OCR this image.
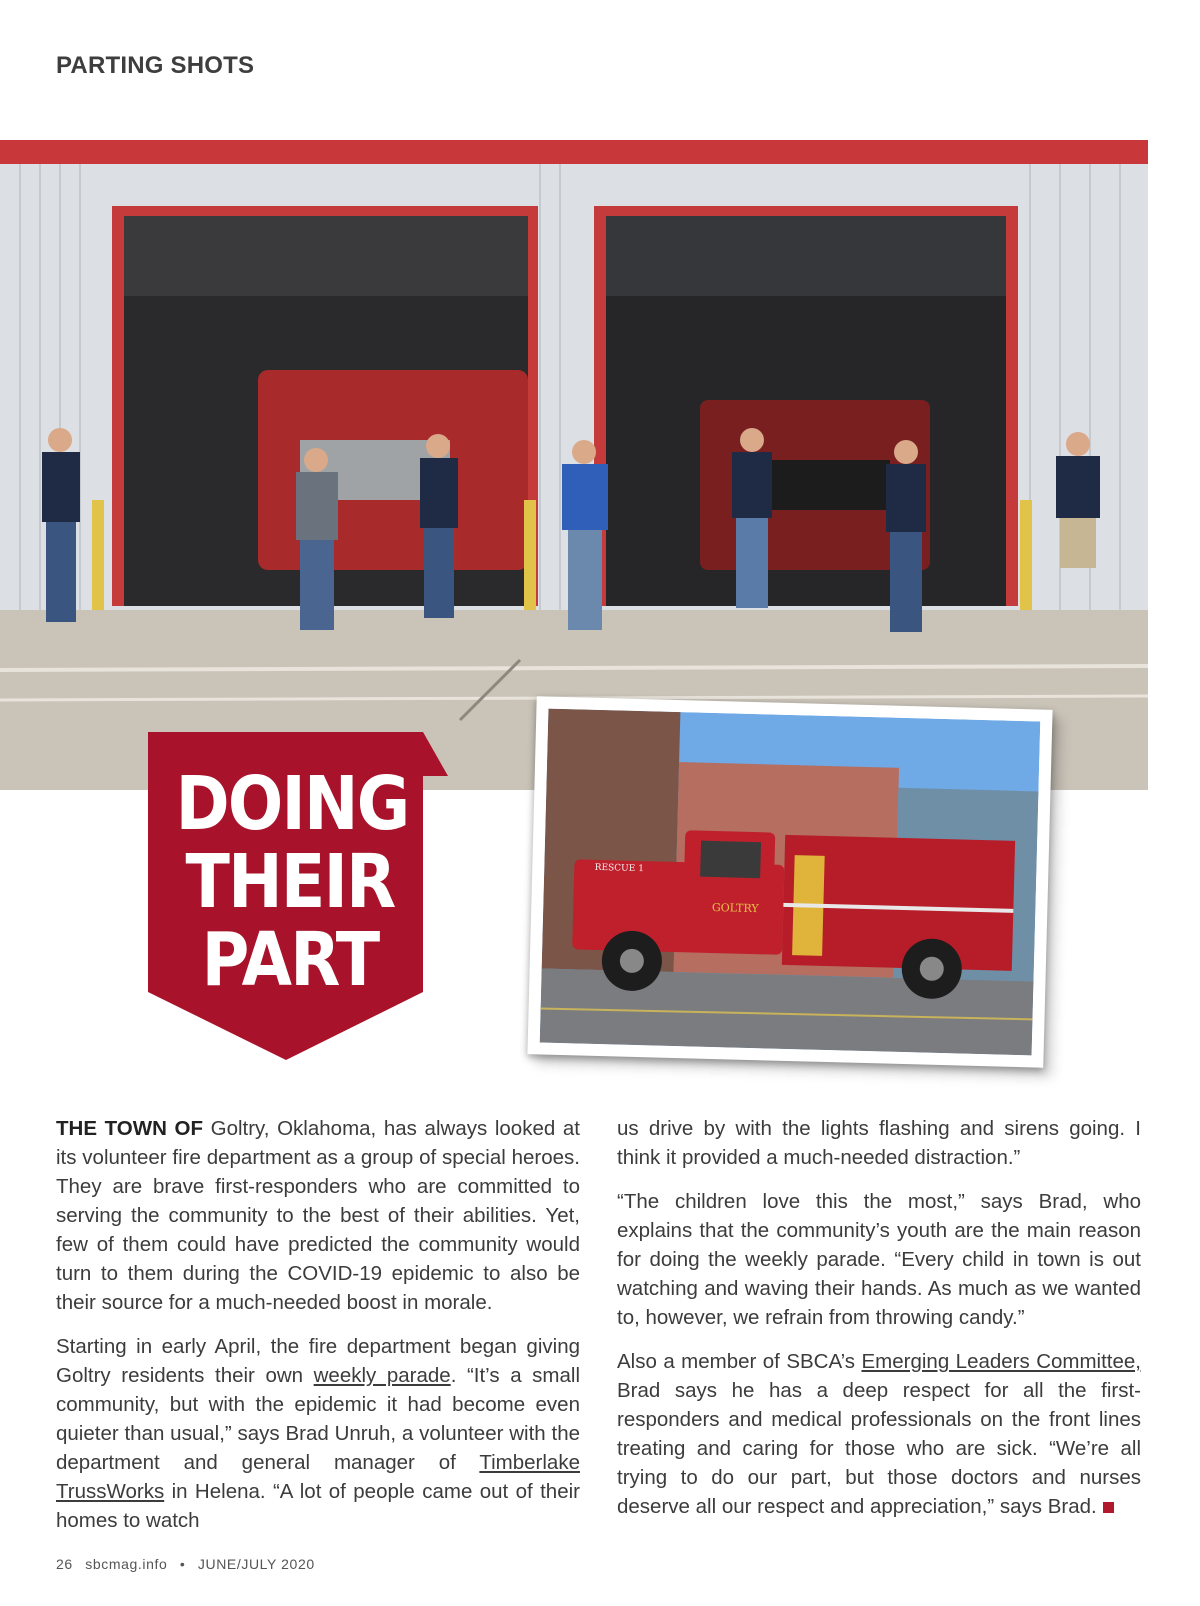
PARTING SHOTS
GOLTRY
RESCUE 1
DOING
THEIR
PART

THE TOWN OF Goltry, Oklahoma, has always looked at its volunteer fire department as a group of special heroes. They are brave first-responders who are committed to serving the community to the best of their abilities. Yet, few of them could have predicted the community would turn to them during the COVID-19 epidemic to also be their source for a much-needed boost in morale.

Starting in early April, the fire department began giving Goltry residents their own weekly parade. “It’s a small community, but with the epidemic it had become even quieter than usual,” says Brad Unruh, a volunteer with the department and general manager of Timberlake TrussWorks in Helena. “A lot of people came out of their homes to watch

us drive by with the lights flashing and sirens going. I think it provided a much-needed distraction.”

“The children love this the most,” says Brad, who explains that the community’s youth are the main reason for doing the weekly parade. “Every child in town is out watching and waving their hands. As much as we wanted to, however, we refrain from throwing candy.”

Also a member of SBCA’s Emerging Leaders Committee, Brad says he has a deep respect for all the first-responders and medical professionals on the front lines treating and caring for those who are sick. “We’re all trying to do our part, but those doctors and nurses deserve all our respect and appreciation,” says Brad.

26 sbcmag.info • JUNE/JULY 2020
